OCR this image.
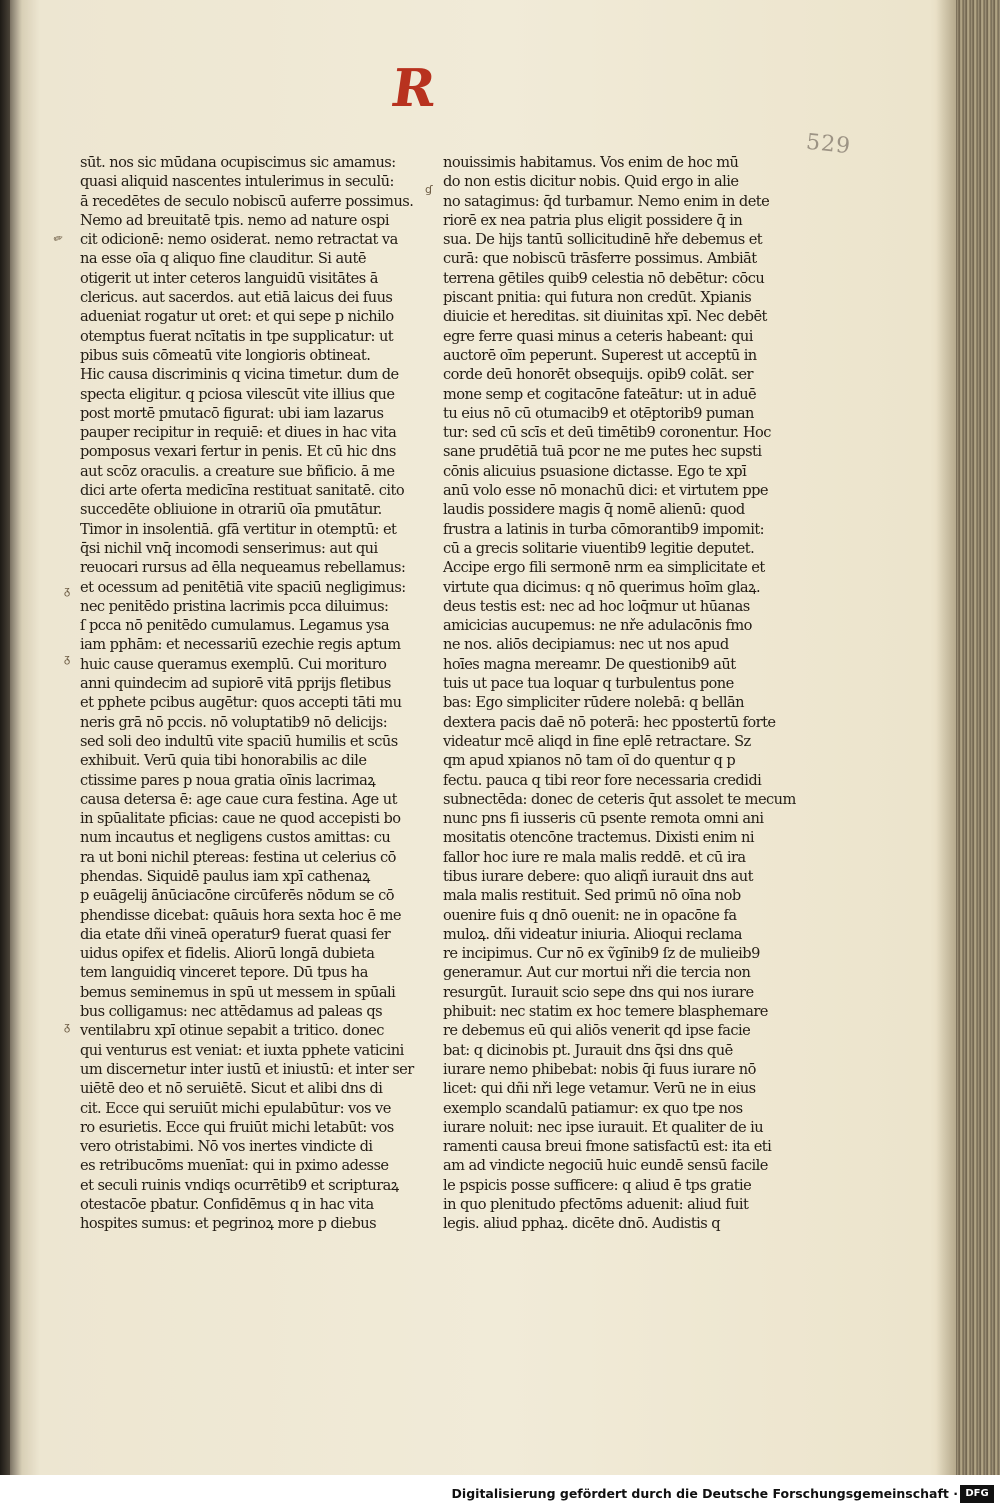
R
529
sūt. nos sic mūdana ocupiscimus sic amamus:
quasi aliquid nascentes intulerimus in seculū:
ā recedētes de seculo nobiscū auferre possimus.
Nemo ad breuitatē tpis. nemo ad nature ospi
cit odicionē: nemo osiderat. nemo retractat va
na esse oīa q aliquo fine clauditur. Si autē
otigerit ut inter ceteros languidū visitātes ā
clericus. aut sacerdos. aut etiā laicus dei fuus
adueniat rogatur ut oret: et qui sepe p nichilo
otemptus fuerat ncītatis in tpe supplicatur: ut
pibus suis cōmeatū vite longioris obtineat.
Hic causa discriminis q vicina timetur. dum de
specta eligitur. q pciosa vilescūt vite illius que
post mortē pmutacō figurat: ubi iam lazarus
pauper recipitur in requiē: et diues in hac vita
pomposus vexari fertur in penis. Et cū hic dns
aut scōz oraculis. a creature sue bñficio. ā me
dici arte oferta medicīna restituat sanitatē. cito
succedēte obliuione in otrariū oīa pmutātur.
Timor in insolentiā. gfā vertitur in otemptū: et
q̄si nichil vnq̄ incomodi senserimus: aut qui
reuocari rursus ad ēlla nequeamus rebellamus:
et ocessum ad penitētiā vite spaciū negligimus:
nec penitēdo pristina lacrimis pcca diluimus:
ſ pcca nō penitēdo cumulamus. Legamus ysa
iam pphām: et necessariū ezechie regis aptum
huic cause queramus exemplū. Cui morituro
anni quindecim ad supiorē vitā pprijs fletibus
et pphete pcibus augētur: quos accepti tāti mu
neris grā nō pccis. nō voluptatib9 nō delicijs:
sed soli deo indultū vite spaciū humilis et scūs
exhibuit. Verū quia tibi honorabilis ac dile
ctissime pares p noua gratia oīnis lacrimaꝝ
causa detersa ē: age caue cura festina. Age ut
in spūalitate pficias: caue ne quod accepisti bo
num incautus et negligens custos amittas: cu
ra ut boni nichil ptereas: festina ut celerius cō
phendas. Siquidē paulus iam xpī cathenaꝝ
p euāgelij ānūciacōne circūferēs nōdum se cō
phendisse dicebat: quāuis hora sexta hoc ē me
dia etate dñi vineā operatur9 fuerat quasi fer
uidus opifex et fidelis. Aliorū longā dubieta
tem languidiq vinceret tepore. Dū tpus ha
bemus seminemus in spū ut messem in spūali
bus colligamus: nec attēdamus ad paleas qs
ventilabru xpī otinue sepabit a tritico. donec
qui venturus est veniat: et iuxta pphete vaticini
um discernetur inter iustū et iniustū: et inter ser
uiētē deo et nō seruiētē. Sicut et alibi dns di
cit. Ecce qui seruiūt michi epulabūtur: vos ve
ro esurietis. Ecce qui fruiūt michi letabūt: vos
vero otristabimi. Nō vos inertes vindicte di
es retribucōms muenīat: qui in pximo adesse
et seculi ruinis vndiqs ocurrētib9 et scripturaꝝ
otestacōe pbatur. Confidēmus q in hac vita
hospites sumus: et pegrinoꝝ more p diebus
nouissimis habitamus. Vos enim de hoc mū
do non estis dicitur nobis. Quid ergo in alie
no satagimus: q̄d turbamur. Nemo enim in dete
riorē ex nea patria plus eligit possidere q̄ in
sua. De hijs tantū sollicitudinē hře debemus et
curā: que nobiscū trāsferre possimus. Ambiāt
terrena gētiles quib9 celestia nō debētur: cōcu
piscant pnitia: qui futura non credūt. Xpianis
diuicie et hereditas. sit diuinitas xpī. Nec debēt
egre ferre quasi minus a ceteris habeant: qui
auctorē oīm peperunt. Superest ut acceptū in
corde deū honorēt obsequijs. opib9 colāt. ser
mone semp et cogitacōne fateātur: ut in aduē
tu eius nō cū otumacib9 et otēptorib9 puman
tur: sed cū scīs et deū timētib9 coronentur. Hoc
sane prudētiā tuā pcor ne me putes hec supsti
cōnis alicuius psuasione dictasse. Ego te xpī
anū volo esse nō monachū dici: et virtutem ppe
laudis possidere magis q̄ nomē alienū: quod
frustra a latinis in turba cōmorantib9 impomit:
cū a grecis solitarie viuentib9 legitie deputet.
Accipe ergo fili sermonē nrm ea simplicitate et
virtute qua dicimus: q nō querimus hoīm glaꝝ.
deus testis est: nec ad hoc loq̄mur ut hūanas
amicicias aucupemus: ne nře adulacōnis fmo
ne nos. aliōs decipiamus: nec ut nos apud
hoīes magna mereamr. De questionib9 aūt
tuis ut pace tua loquar q turbulentus pone
bas: Ego simpliciter rūdere nolebā: q bellān
dextera pacis daē nō poterā: hec ppostertū forte
videatur mcē aliqd in fine eplē retractare. Sz
qm apud xpianos nō tam oī do quentur q p
fectu. pauca q tibi reor fore necessaria credidi
subnectēda: donec de ceteris q̄ut assolet te mecum
nunc pns fi iusseris cū psente remota omni ani
mositatis otencōne tractemus. Dixisti enim ni
fallor hoc iure re mala malis reddē. et cū ira
tibus iurare debere: quo aliqñ iurauit dns aut
mala malis restituit. Sed primū nō oīna nob
ouenire fuis q dnō ouenit: ne in opacōne fa
muloꝝ. dñi videatur iniuria. Alioqui reclama
re incipimus. Cur nō ex ṽgīnib9 ſz de mulieib9
generamur. Aut cur mortui nři die tercia non
resurgūt. Iurauit scio sepe dns qui nos iurare
phibuit: nec statim ex hoc temere blasphemare
re debemus eū qui aliōs venerit qd ipse facie
bat: q dicinobis pt. Jurauit dns q̄si dns quē
iurare nemo phibebat: nobis q̄i fuus iurare nō
licet: qui dñi nři lege vetamur. Verū ne in eius
exemplo scandalū patiamur: ex quo tpe nos
iurare noluit: nec ipse iurauit. Et qualiter de iu
ramenti causa breui fmone satisfactū est: ita eti
am ad vindicte negociū huic eundē sensū facile
le pspicis posse sufficere: q aliud ē tps gratie
in quo plenitudo pfectōms aduenit: aliud fuit
legis. aliud pphaꝝ. dicēte dnō. Audistis q
✎
ɠ
ᵹ
ᵹ
ᵹ
Digitalisierung gefördert durch die Deutsche Forschungsgemeinschaft · DFG
